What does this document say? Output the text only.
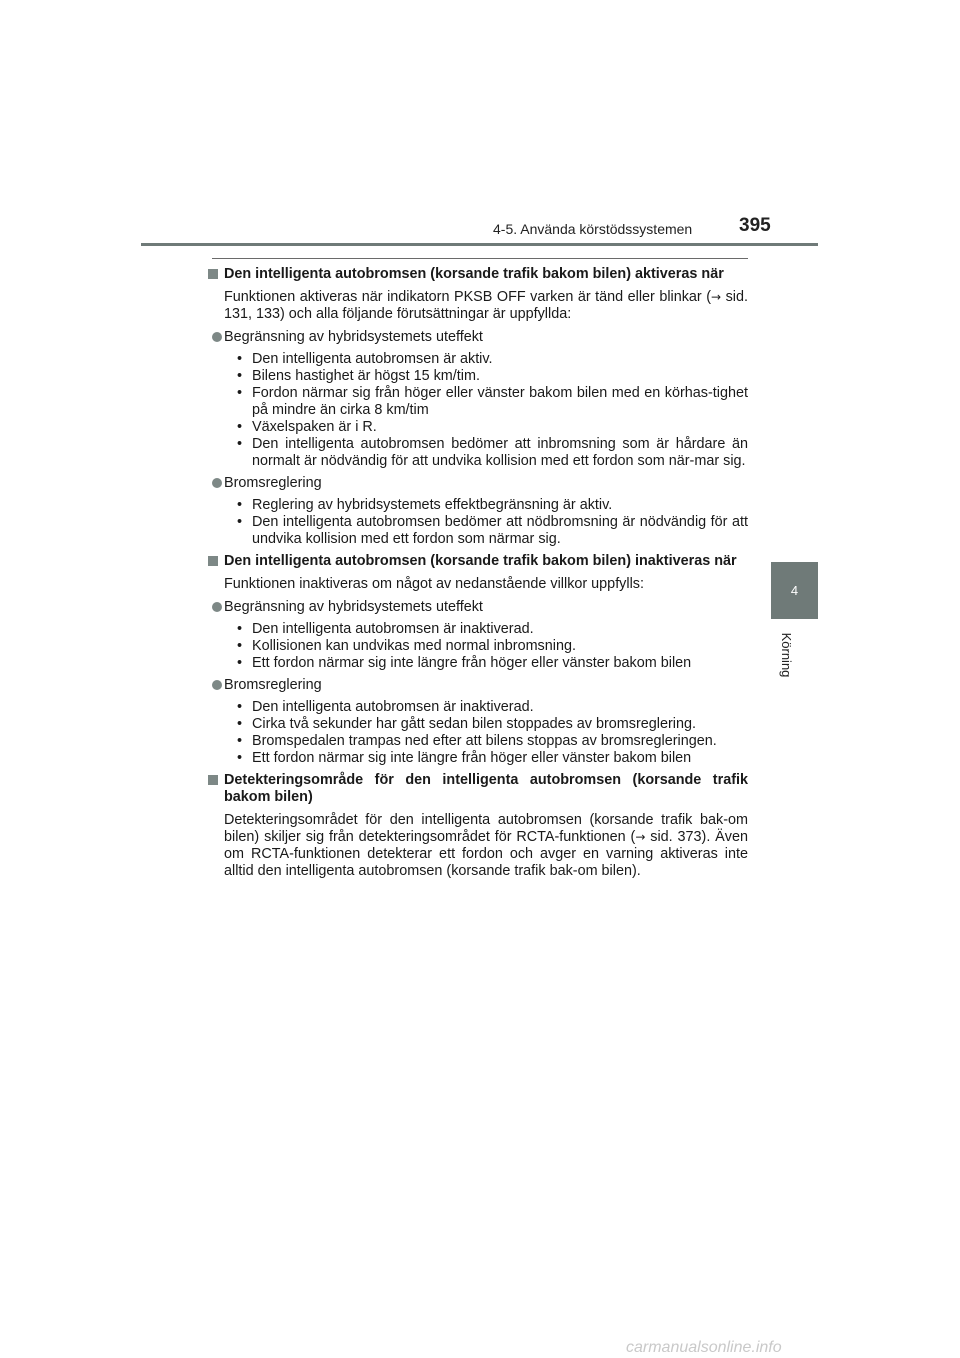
4-5. Använda körstödssystemen 395
4
Körning
Den intelligenta autobromsen (korsande trafik bakom bilen) aktiveras när
Funktionen aktiveras när indikatorn PKSB OFF varken är tänd eller blinkar (→ sid. 131, 133) och alla följande förutsättningar är uppfyllda:
Begränsning av hybridsystemets uteffekt
• Den intelligenta autobromsen är aktiv.
• Bilens hastighet är högst 15 km/tim.
• Fordon närmar sig från höger eller vänster bakom bilen med en körhas-tighet på mindre än cirka 8 km/tim
• Växelspaken är i R.
• Den intelligenta autobromsen bedömer att inbromsning som är hårdare än normalt är nödvändig för att undvika kollision med ett fordon som när-mar sig.
Bromsreglering
• Reglering av hybridsystemets effektbegränsning är aktiv.
• Den intelligenta autobromsen bedömer att nödbromsning är nödvändig för att undvika kollision med ett fordon som närmar sig.
Den intelligenta autobromsen (korsande trafik bakom bilen) inaktiveras när
Funktionen inaktiveras om något av nedanstående villkor uppfylls:
Begränsning av hybridsystemets uteffekt
• Den intelligenta autobromsen är inaktiverad.
• Kollisionen kan undvikas med normal inbromsning.
• Ett fordon närmar sig inte längre från höger eller vänster bakom bilen
Bromsreglering
• Den intelligenta autobromsen är inaktiverad.
• Cirka två sekunder har gått sedan bilen stoppades av bromsreglering.
• Bromspedalen trampas ned efter att bilens stoppas av bromsregleringen.
• Ett fordon närmar sig inte längre från höger eller vänster bakom bilen
Detekteringsområde för den intelligenta autobromsen (korsande trafik bakom bilen)
Detekteringsområdet för den intelligenta autobromsen (korsande trafik bak-om bilen) skiljer sig från detekteringsområdet för RCTA-funktionen (→ sid. 373). Även om RCTA-funktionen detekterar ett fordon och avger en varning aktiveras inte alltid den intelligenta autobromsen (korsande trafik bak-om bilen).
carmanualsonline.info
